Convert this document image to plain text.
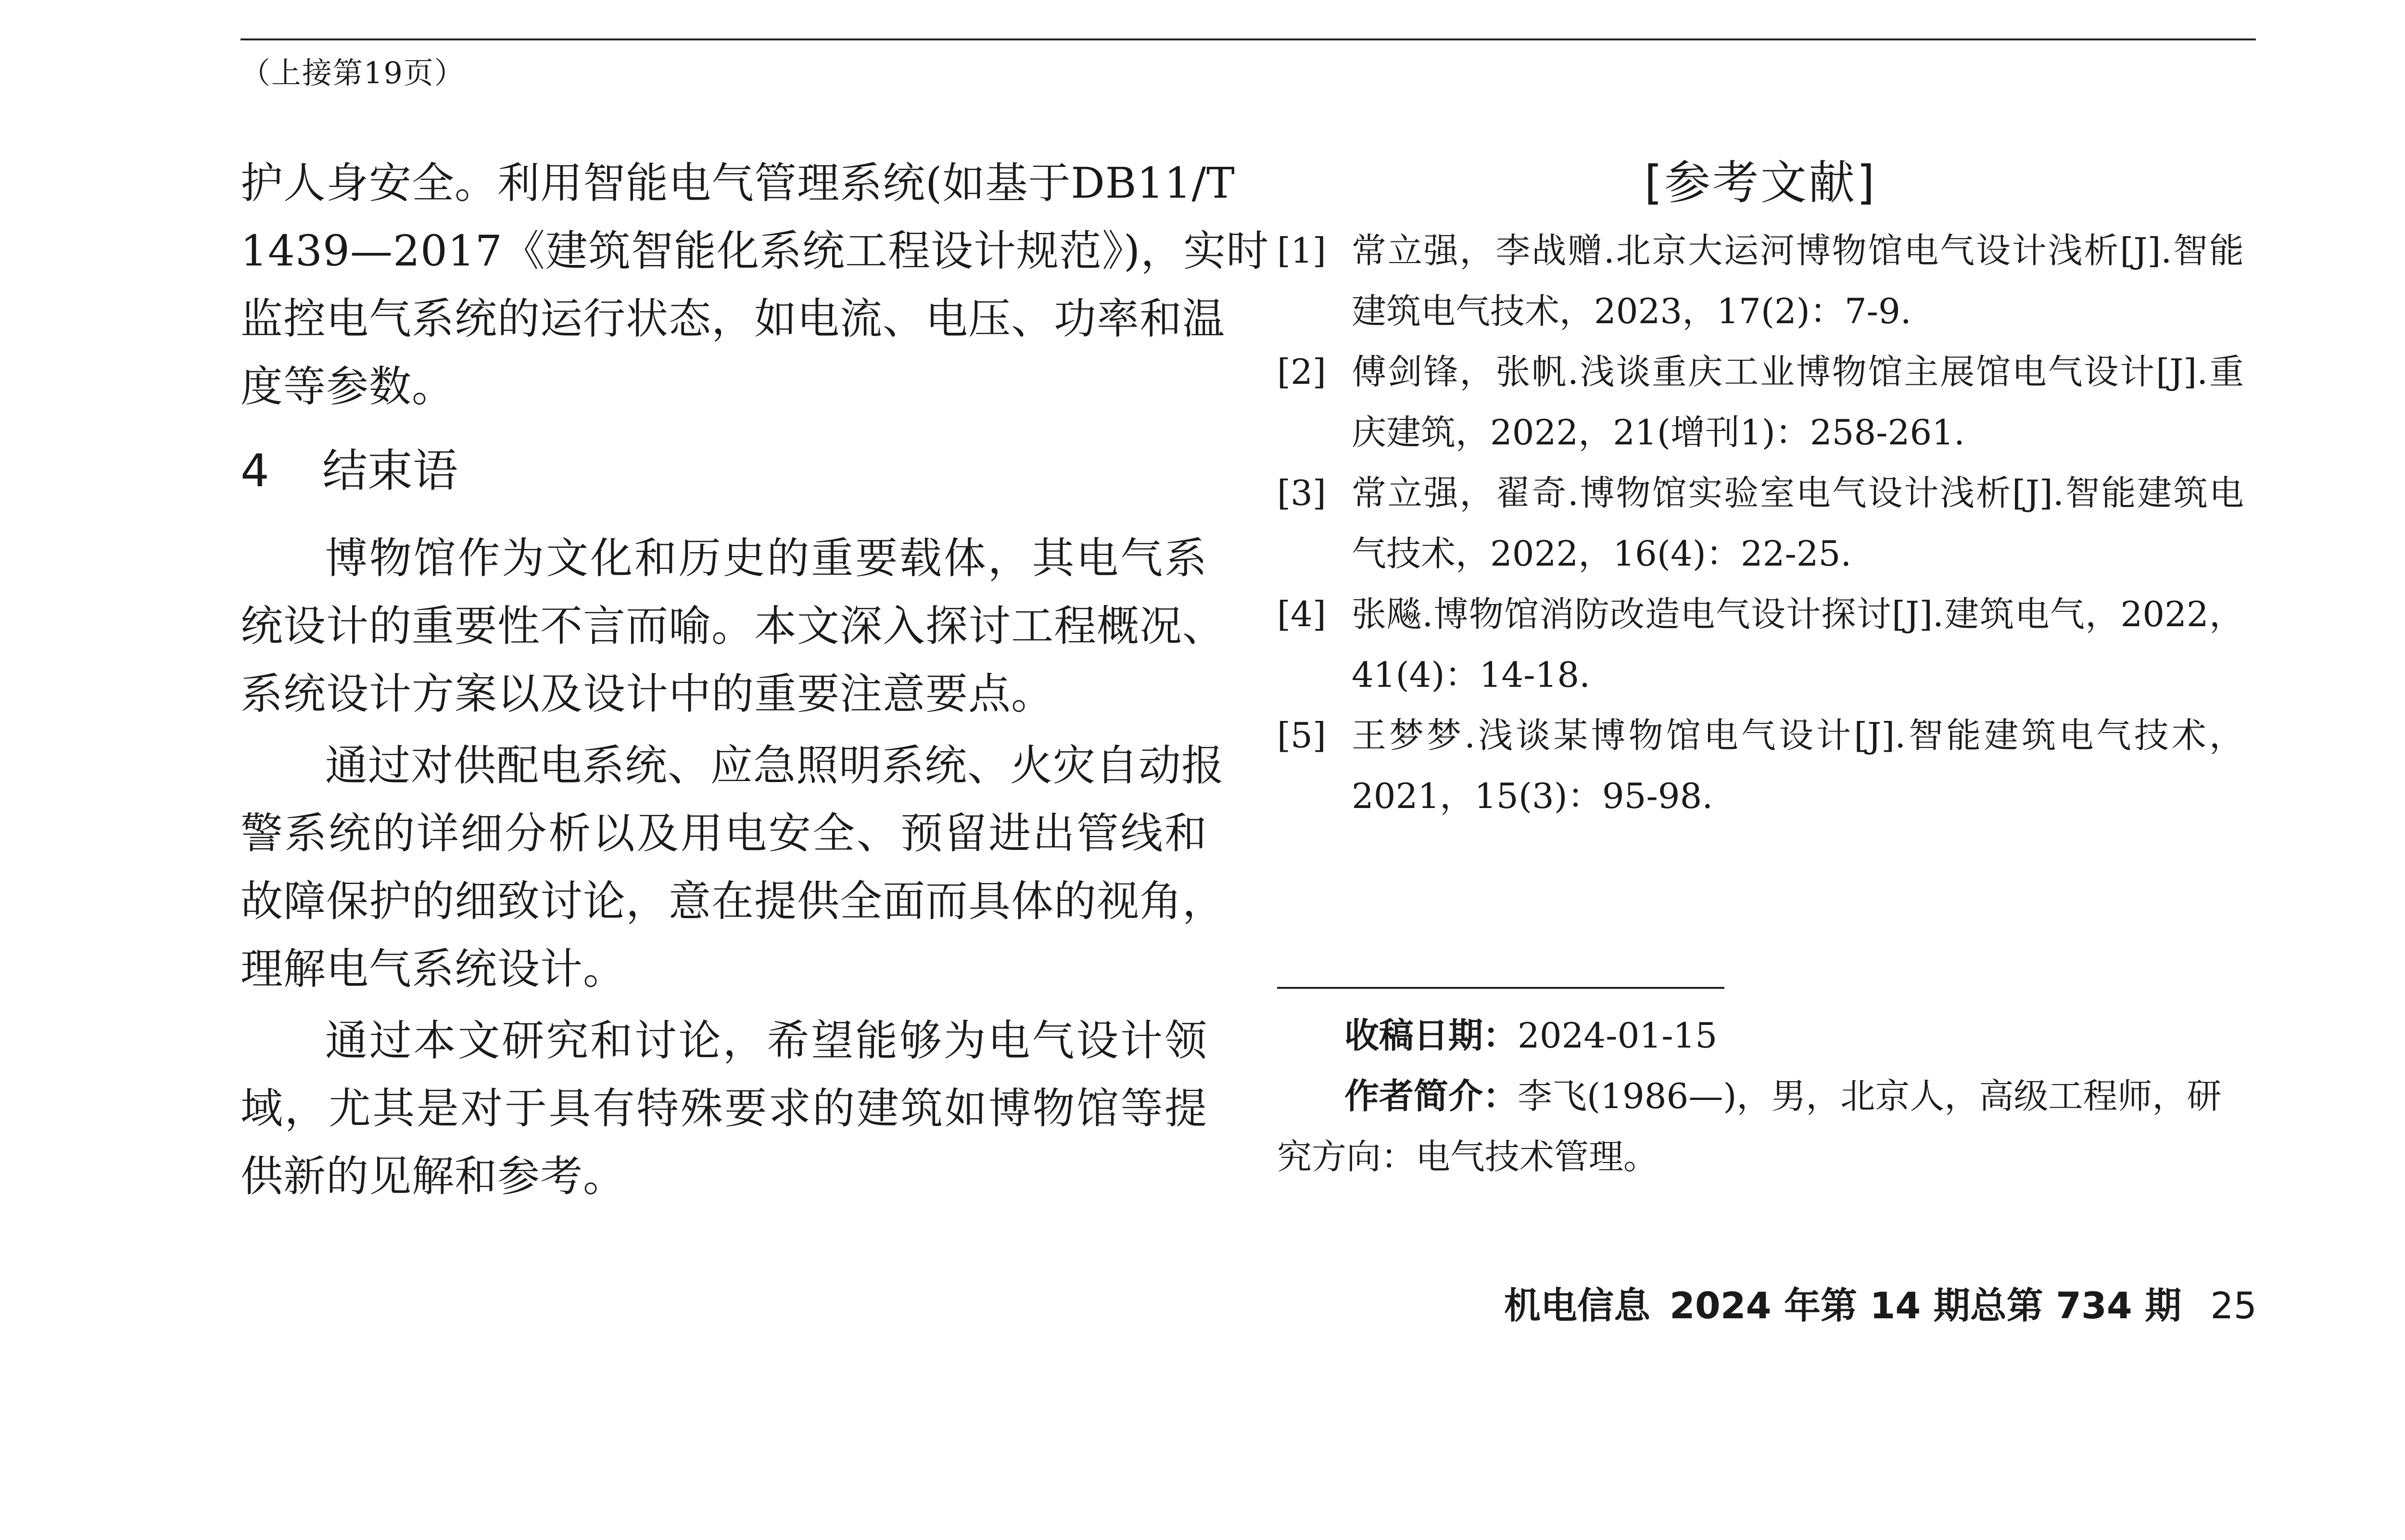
（上接第19页）
护人身安全。利用智能电气管理系统(如基于DB11/T
1439—2017《建筑智能化系统工程设计规范》)，实时
监控电气系统的运行状态，如电流、电压、功率和温
度等参数。
4 结束语
博物馆作为文化和历史的重要载体，其电气系
统设计的重要性不言而喻。本文深入探讨工程概况、
系统设计方案以及设计中的重要注意要点。
通过对供配电系统、应急照明系统、火灾自动报
警系统的详细分析以及用电安全、预留进出管线和
故障保护的细致讨论，意在提供全面而具体的视角，
理解电气系统设计。
通过本文研究和讨论，希望能够为电气设计领
域，尤其是对于具有特殊要求的建筑如博物馆等提
供新的见解和参考。
[参考文献]
[1] 常立强，李战赠.北京大运河博物馆电气设计浅析[J].智能建筑电气技术，2023，17(2)：7-9.
[2] 傅剑锋，张帆.浅谈重庆工业博物馆主展馆电气设计[J].重庆建筑，2022，21(增刊1)：258-261.
[3] 常立强，翟奇.博物馆实验室电气设计浅析[J].智能建筑电气技术，2022，16(4)：22-25.
[4] 张飚.博物馆消防改造电气设计探讨[J].建筑电气，2022，41(4)：14-18.
[5] 王梦梦.浅谈某博物馆电气设计[J].智能建筑电气技术，2021，15(3)：95-98.
收稿日期：2024-01-15
作者简介：李飞(1986—)，男，北京人，高级工程师，研究方向：电气技术管理。
机电信息 2024 年第 14 期总第 734 期 25
